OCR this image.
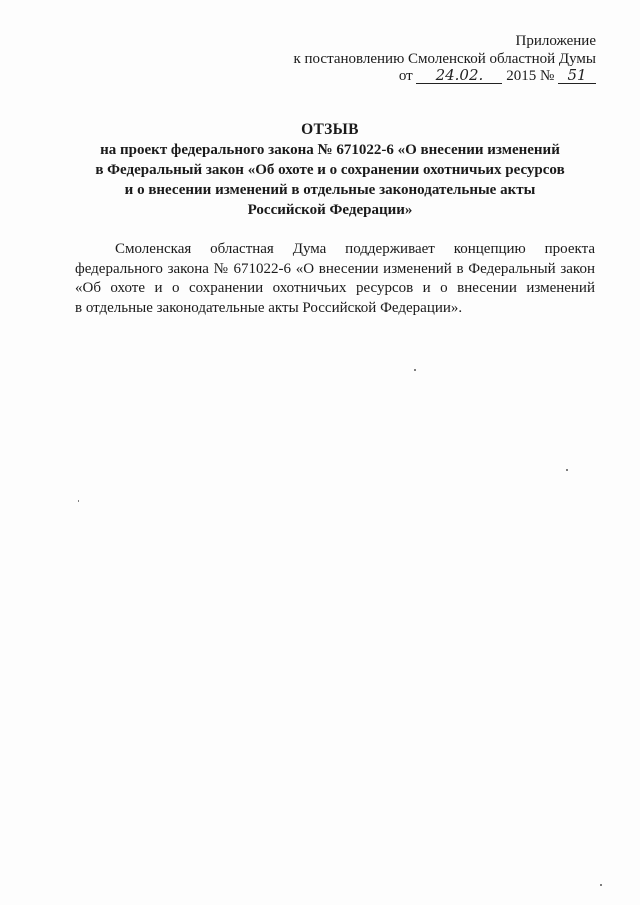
Приложение
к постановлению Смоленской областной Думы
от 24.02. 2015 № 51
ОТЗЫВ
на проект федерального закона № 671022-6 «О внесении изменений
в Федеральный закон «Об охоте и о сохранении охотничьих ресурсов
и о внесении изменений в отдельные законодательные акты
Российской Федерации»
Смоленская областная Дума поддерживает концепцию проекта
федерального закона № 671022-6 «О внесении изменений в Федеральный закон
«Об охоте и о сохранении охотничьих ресурсов и о внесении изменений
в отдельные законодательные акты Российской Федерации».
